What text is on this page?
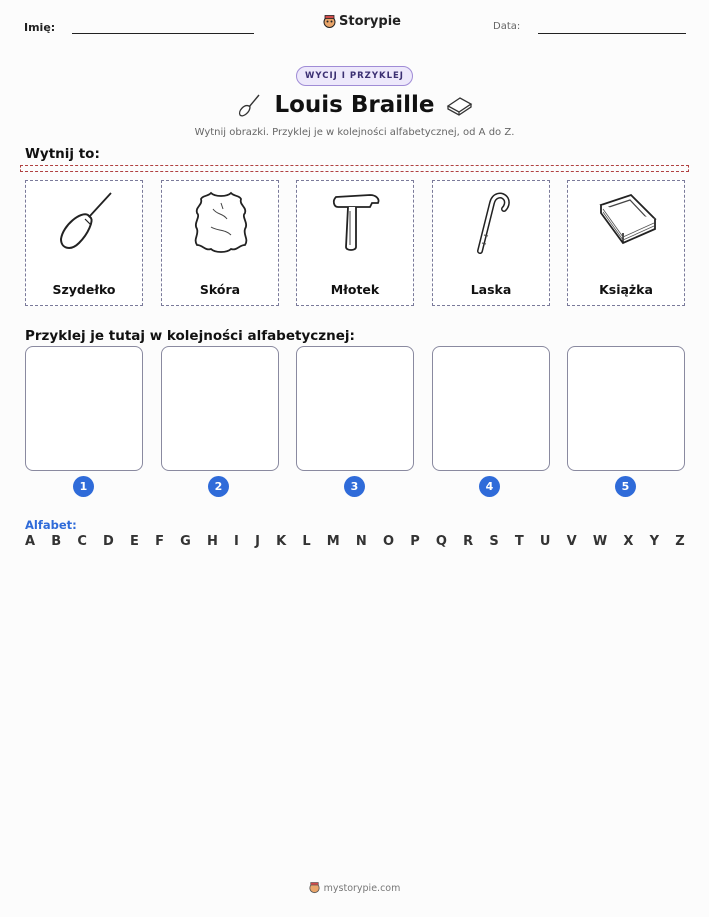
Imię:	Storypie	Data:
WYCIJ I PRZYKLEJ
Louis Braille
Wytnij obrazki. Przyklej je w kolejności alfabetycznej, od A do Z.
Wytnij to:
Szydełko	Skóra	Młotek	Laska	Książka
Przyklej je tutaj w kolejności alfabetycznej:
1	2	3	4	5
Alfabet:
A B C D E F G H I J K L M N O P Q R S T U V W X Y Z
mystorypie.com
